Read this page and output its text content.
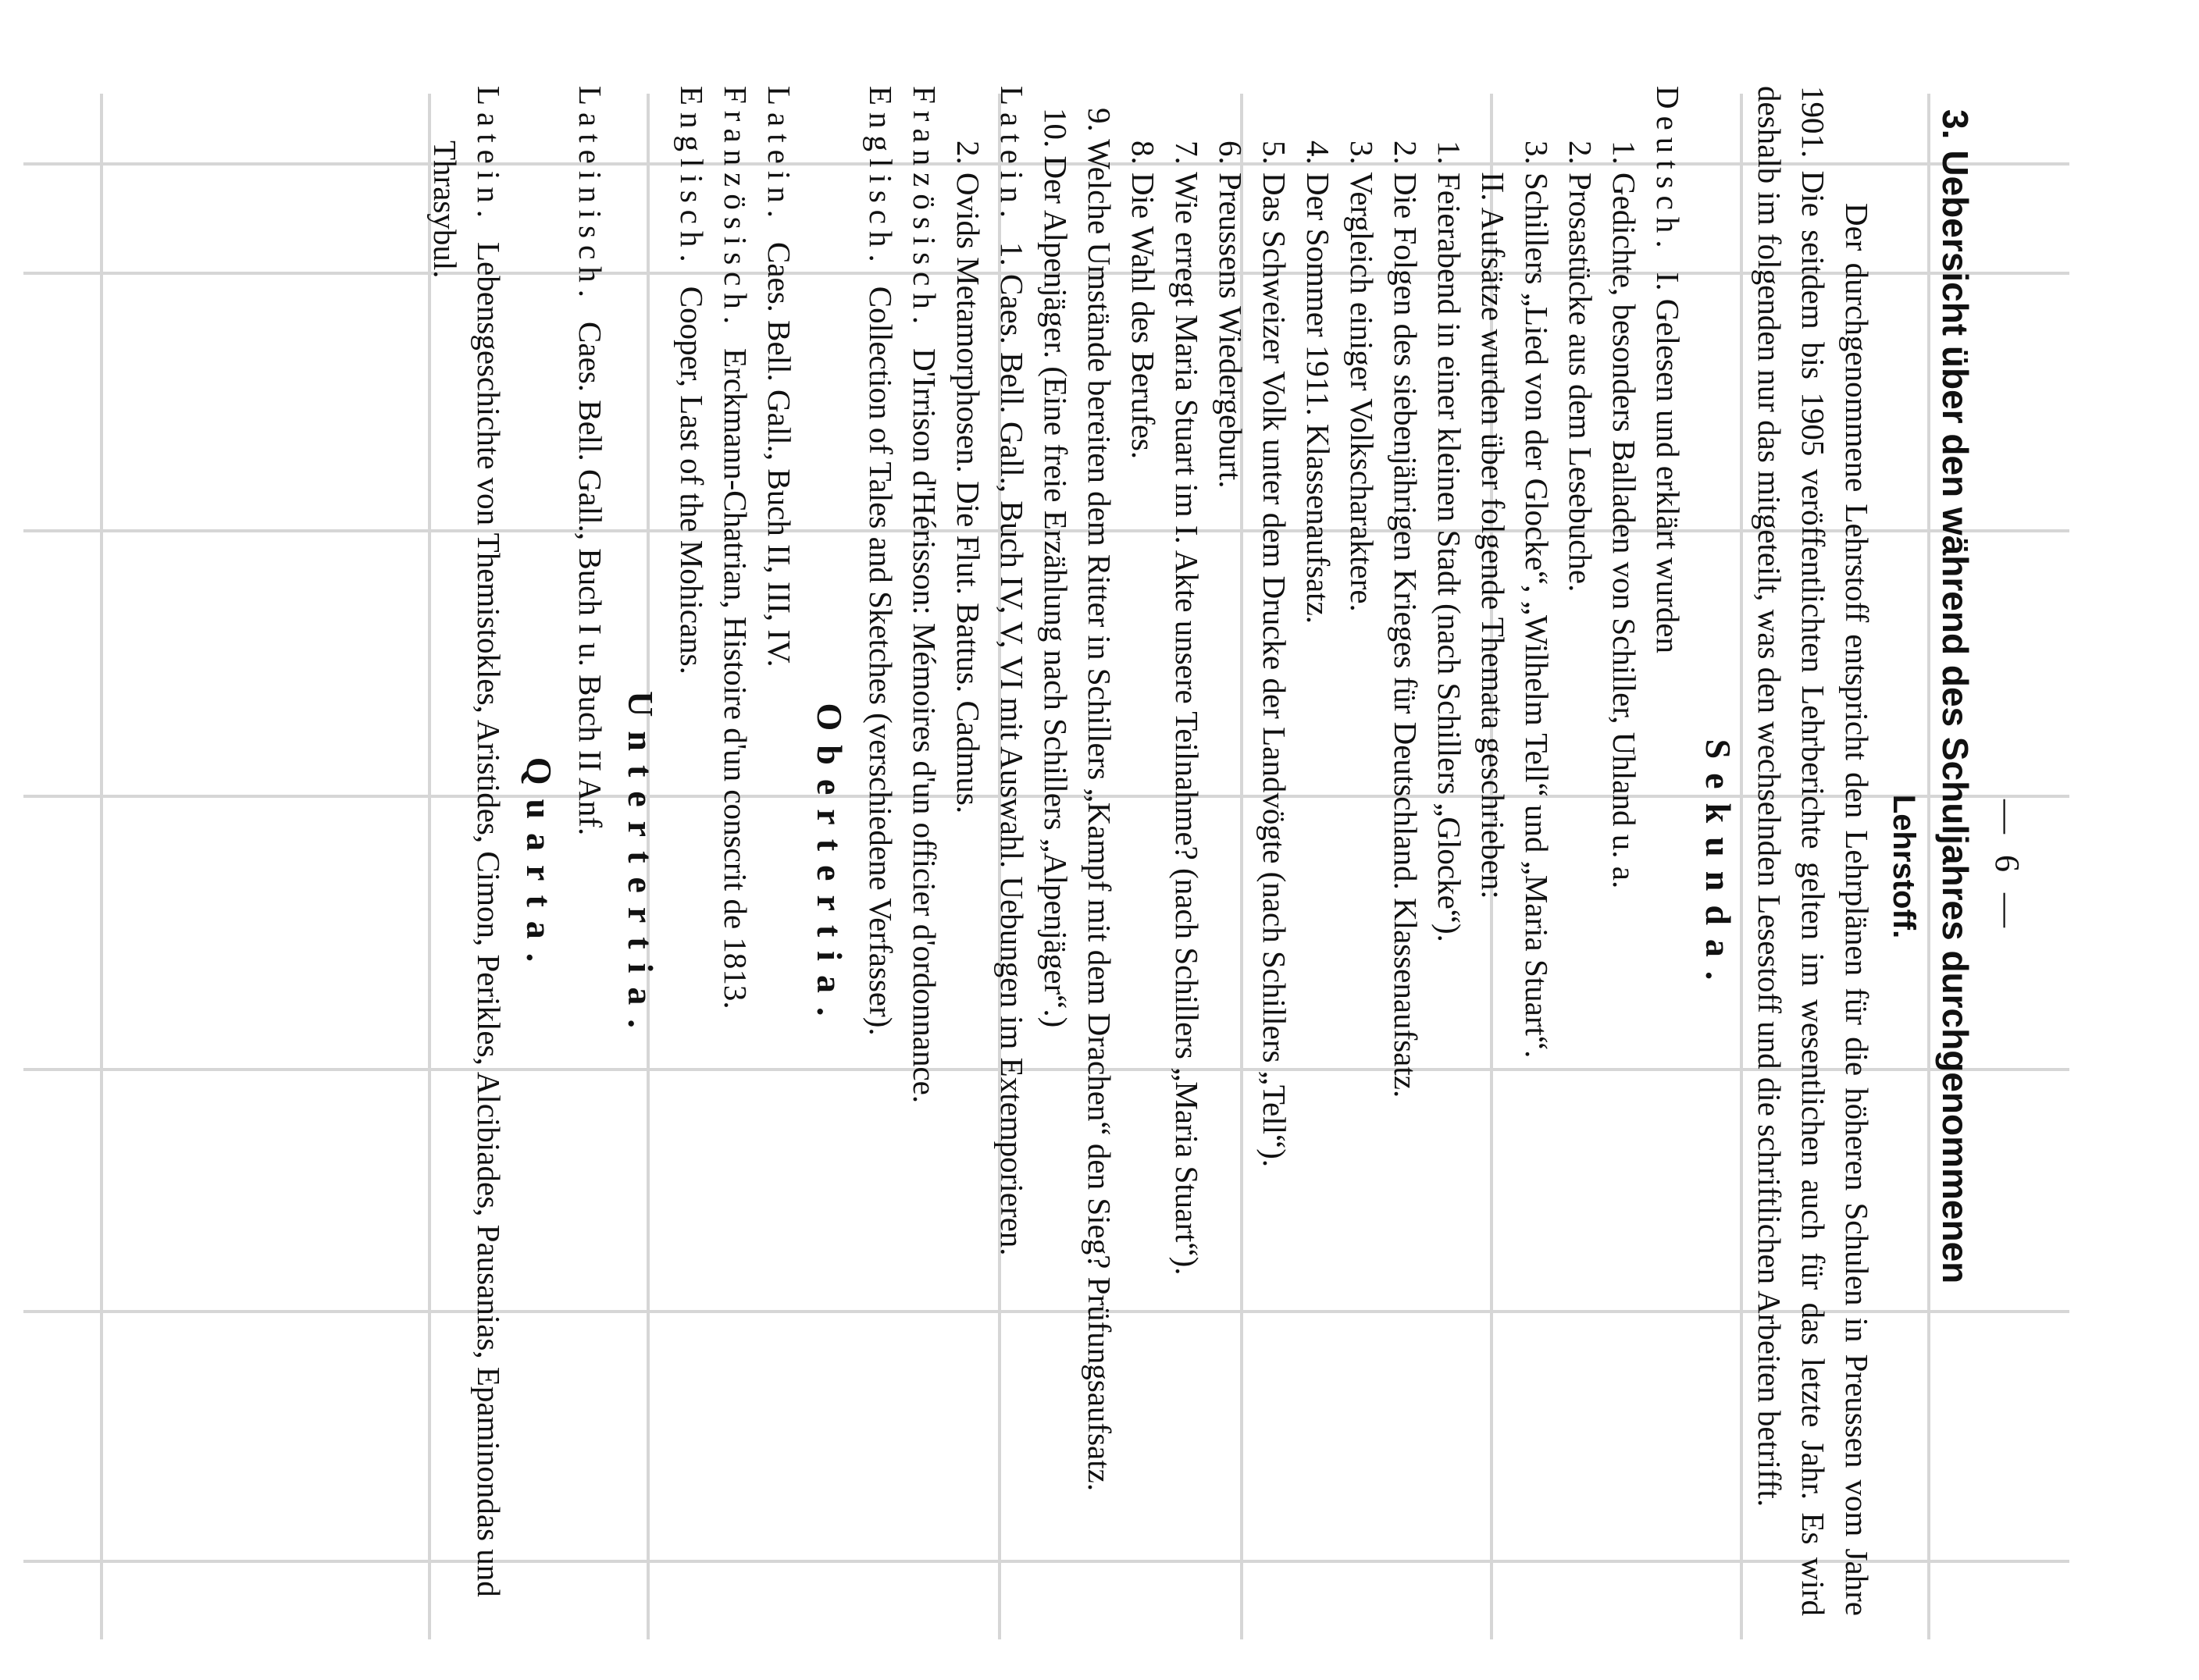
— 6 —
3.
Uebersicht über den während des Schuljahres durchgenommenen
Lehrstoff.
Der durchgenommene Lehrstoff entspricht den Lehrplänen für die höheren Schulen in Preussen vom Jahre 1901. Die seitdem bis 1905 veröffentlichten Lehrberichte gelten im wesentlichen auch für das letzte Jahr. Es wird deshalb im folgenden nur das mitgeteilt, was den wechselnden Lesestoff und die schriftlichen Arbeiten betrifft.
Sekunda.
Deutsch.I. Gelesen und erklärt wurden
1. Gedichte, besonders Balladen von Schiller, Uhland u. a.
2. Prosastücke aus dem Lesebuche.
3. Schillers „Lied von der Glocke“, „Wilhelm Tell“ und „Maria Stuart“.
II. Aufsätze wurden über folgende Themata geschrieben:
1. Feierabend in einer kleinen Stadt (nach Schillers „Glocke“).
2. Die Folgen des siebenjährigen Krieges für Deutschland. Klassenaufsatz.
3. Vergleich einiger Volkscharaktere.
4. Der Sommer 1911. Klassenaufsatz.
5. Das Schweizer Volk unter dem Drucke der Landvögte (nach Schillers „Tell“).
6. Preussens Wiedergeburt.
7. Wie erregt Maria Stuart im I. Akte unsere Teilnahme? (nach Schillers „Maria Stuart“).
8. Die Wahl des Berufes.
9. Welche Umstände bereiten dem Ritter in Schillers „Kampf mit dem Drachen“ den Sieg? Prüfungsaufsatz.
10. Der Alpenjäger. (Eine freie Erzählung nach Schillers „Alpenjäger“.)
Latein.1. Caes. Bell. Gall., Buch IV, V, VI mit Auswahl. Uebungen im Extemporieren.
2. Ovids Metamorphosen. Die Flut. Battus. Cadmus.
Französisch.D'Irrison d'Hérisson: Mémoires d'un officier d'ordonnance.
Englisch.Collection of Tales and Sketches (verschiedene Verfasser).
Obertertia.
Latein.Caes. Bell. Gall., Buch II, III, IV.
Französisch.Erckmann-Chatrian, Histoire d'un conscrit de 1813.
Englisch.Cooper, Last of the Mohicans.
Untertertia.
Lateinisch.Caes. Bell. Gall., Buch I u. Buch II Anf.
Quarta.
Latein.Lebensgeschichte von Themistokles, Aristides, Cimon, Perikles, Alcibiades, Pausanias, Epaminondas und Thrasybul.
